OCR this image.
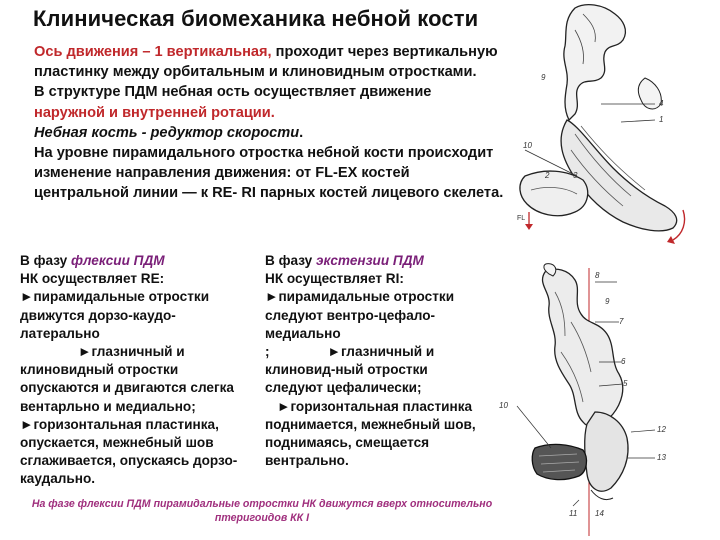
Клиническая биомеханика небной кости
Ось движения – 1 вертикальная, проходит через вертикальную пластинку между орбитальным и клиновидным отростками.
В структуре ПДМ небная ость осуществляет движение наружной и внутренней ротации.
Небная кость - редуктор скорости.
На уровне пирамидального отростка небной кости происходит изменение направления движения: от FL-EX костей центральной линии — к RE- RI парных костей лицевого скелета.
В фазу флексии ПДМ
НК осуществляет RE:
►пирамидальные отростки движутся дорзо-каудо-латерально
►глазничный и клиновидный отростки опускаются и двигаются слегка вентарльно и медиально;
►горизонтальная пластинка, опускается, межнебный шов сглаживается, опускаясь дорзо-каудально.
В фазу экстензии ПДМ
НК осуществляет RI:
►пирамидальные отростки следуют вентро-цефало-медиально
;	►глазничный и клиновид-ный отростки следуют цефалически;
►горизонтальная пластинка поднимается, межнебный шов, поднимаясь, смещается вентрально.
9
4
1
10
2	3
FL
8
9
7
6
5
10
12
13
11 14
На фазе флексии ПДМ пирамидальные отростки НК движутся вверх относительно птеригоидов КК I
